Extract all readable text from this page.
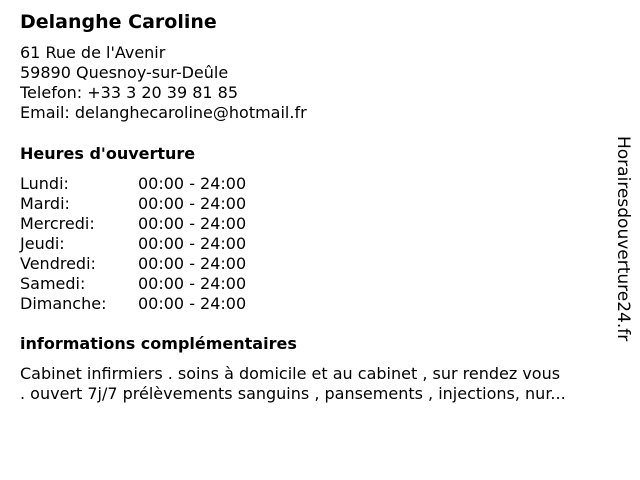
Delanghe Caroline
61 Rue de l'Avenir
59890 Quesnoy-sur-Deûle
Telefon: +33 3 20 39 81 85
Email: delanghecaroline@hotmail.fr
Heures d'ouverture
Lundi:	00:00 - 24:00
Mardi:	00:00 - 24:00
Mercredi:	00:00 - 24:00
Jeudi:	00:00 - 24:00
Vendredi:	00:00 - 24:00
Samedi:	00:00 - 24:00
Dimanche:	00:00 - 24:00
informations complémentaires
Cabinet infirmiers . soins à domicile et au cabinet , sur rendez vous
. ouvert 7j/7 prélèvements sanguins , pansements , injections, nur...
Horairesdouverture24.fr
